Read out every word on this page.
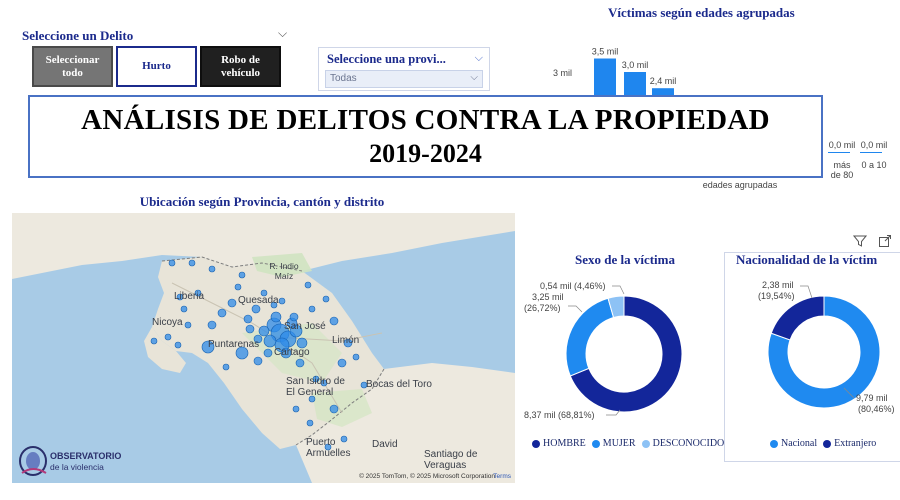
Seleccione un Delito	⌵
Seleccionar todo
Hurto
Robo de vehículo
Seleccione una provi...	⌵
Todas	⌵
Víctimas según edades agrupadas
3 mil
3,5 mil
3,0 mil
2,4 mil
0,0 mil 0,0 mil
más de 80
0 a 10
edades agrupadas
ANÁLISIS DE DELITOS CONTRA LA PROPIEDAD
2019-2024
Ubicación según Provincia, cantón y distrito
R. Indio Maíz
Liberia	Quesada
Nicoya	San José
Puntarenas
Cartago
Limón
San Isidro de El General
Bocas del Toro
Puerto Armuelles
David
Santiago de Veraguas
© 2025 TomTom, © 2025 Microsoft Corporation
Terms
OBSERVATORIO
de la violencia
Sexo de la víctima
8,37 mil (68,81%)
3,25 mil (26,72%)
0,54 mil (4,46%)
HOMBRE MUJER DESCONOCIDO
Nacionalidad de la víctim
2,38 mil (19,54%)
9,79 mil (80,46%)
Nacional Extranjero
